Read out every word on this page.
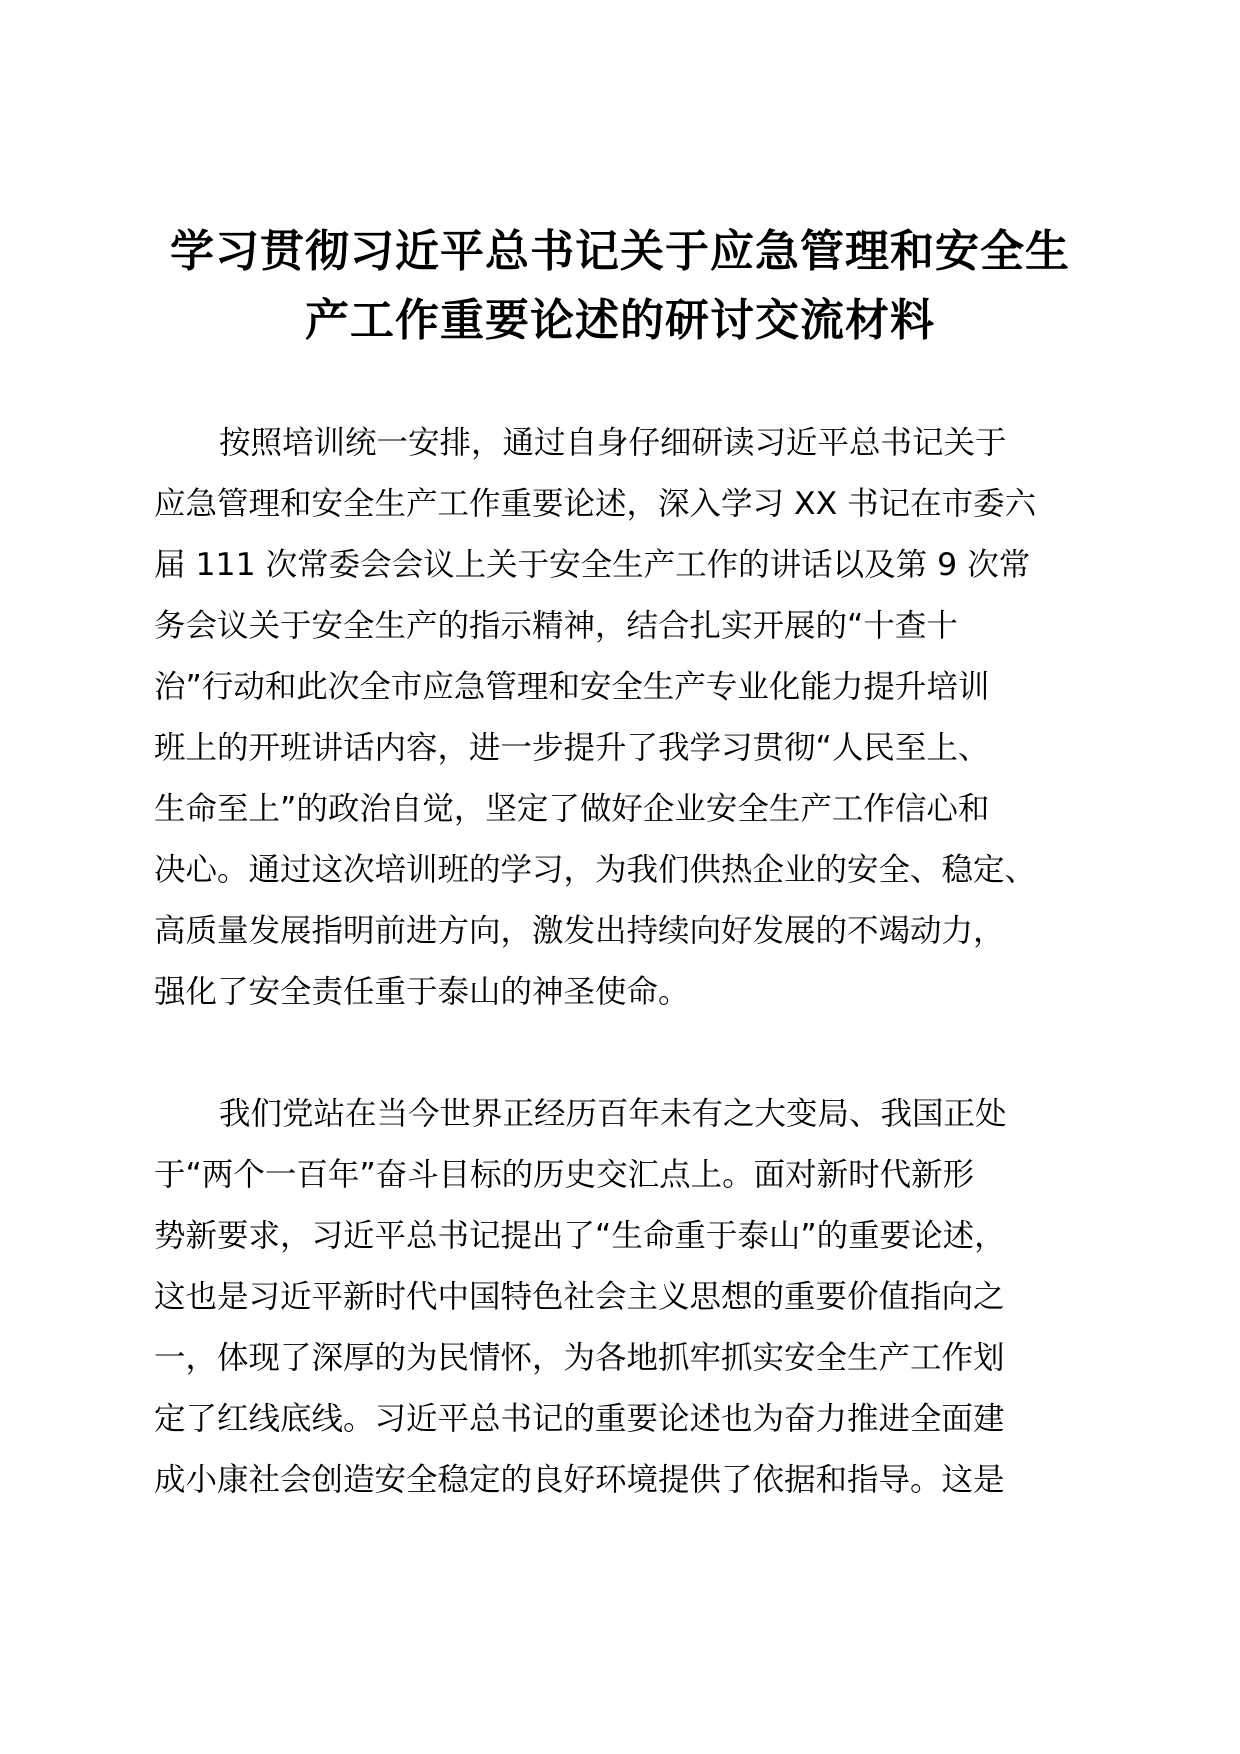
学习贯彻习近平总书记关于应急管理和安全生
产工作重要论述的研讨交流材料
按照培训统一安排，通过自身仔细研读习近平总书记关于
应急管理和安全生产工作重要论述，深入学习 XX 书记在市委六
届 111 次常委会会议上关于安全生产工作的讲话以及第 9 次常
务会议关于安全生产的指示精神，结合扎实开展的“十查十
治”行动和此次全市应急管理和安全生产专业化能力提升培训
班上的开班讲话内容，进一步提升了我学习贯彻“人民至上、
生命至上”的政治自觉，坚定了做好企业安全生产工作信心和
决心。通过这次培训班的学习，为我们供热企业的安全、稳定、
高质量发展指明前进方向，激发出持续向好发展的不竭动力，
强化了安全责任重于泰山的神圣使命。
我们党站在当今世界正经历百年未有之大变局、我国正处
于“两个一百年”奋斗目标的历史交汇点上。面对新时代新形
势新要求，习近平总书记提出了“生命重于泰山”的重要论述，
这也是习近平新时代中国特色社会主义思想的重要价值指向之
一，体现了深厚的为民情怀，为各地抓牢抓实安全生产工作划
定了红线底线。习近平总书记的重要论述也为奋力推进全面建
成小康社会创造安全稳定的良好环境提供了依据和指导。这是
